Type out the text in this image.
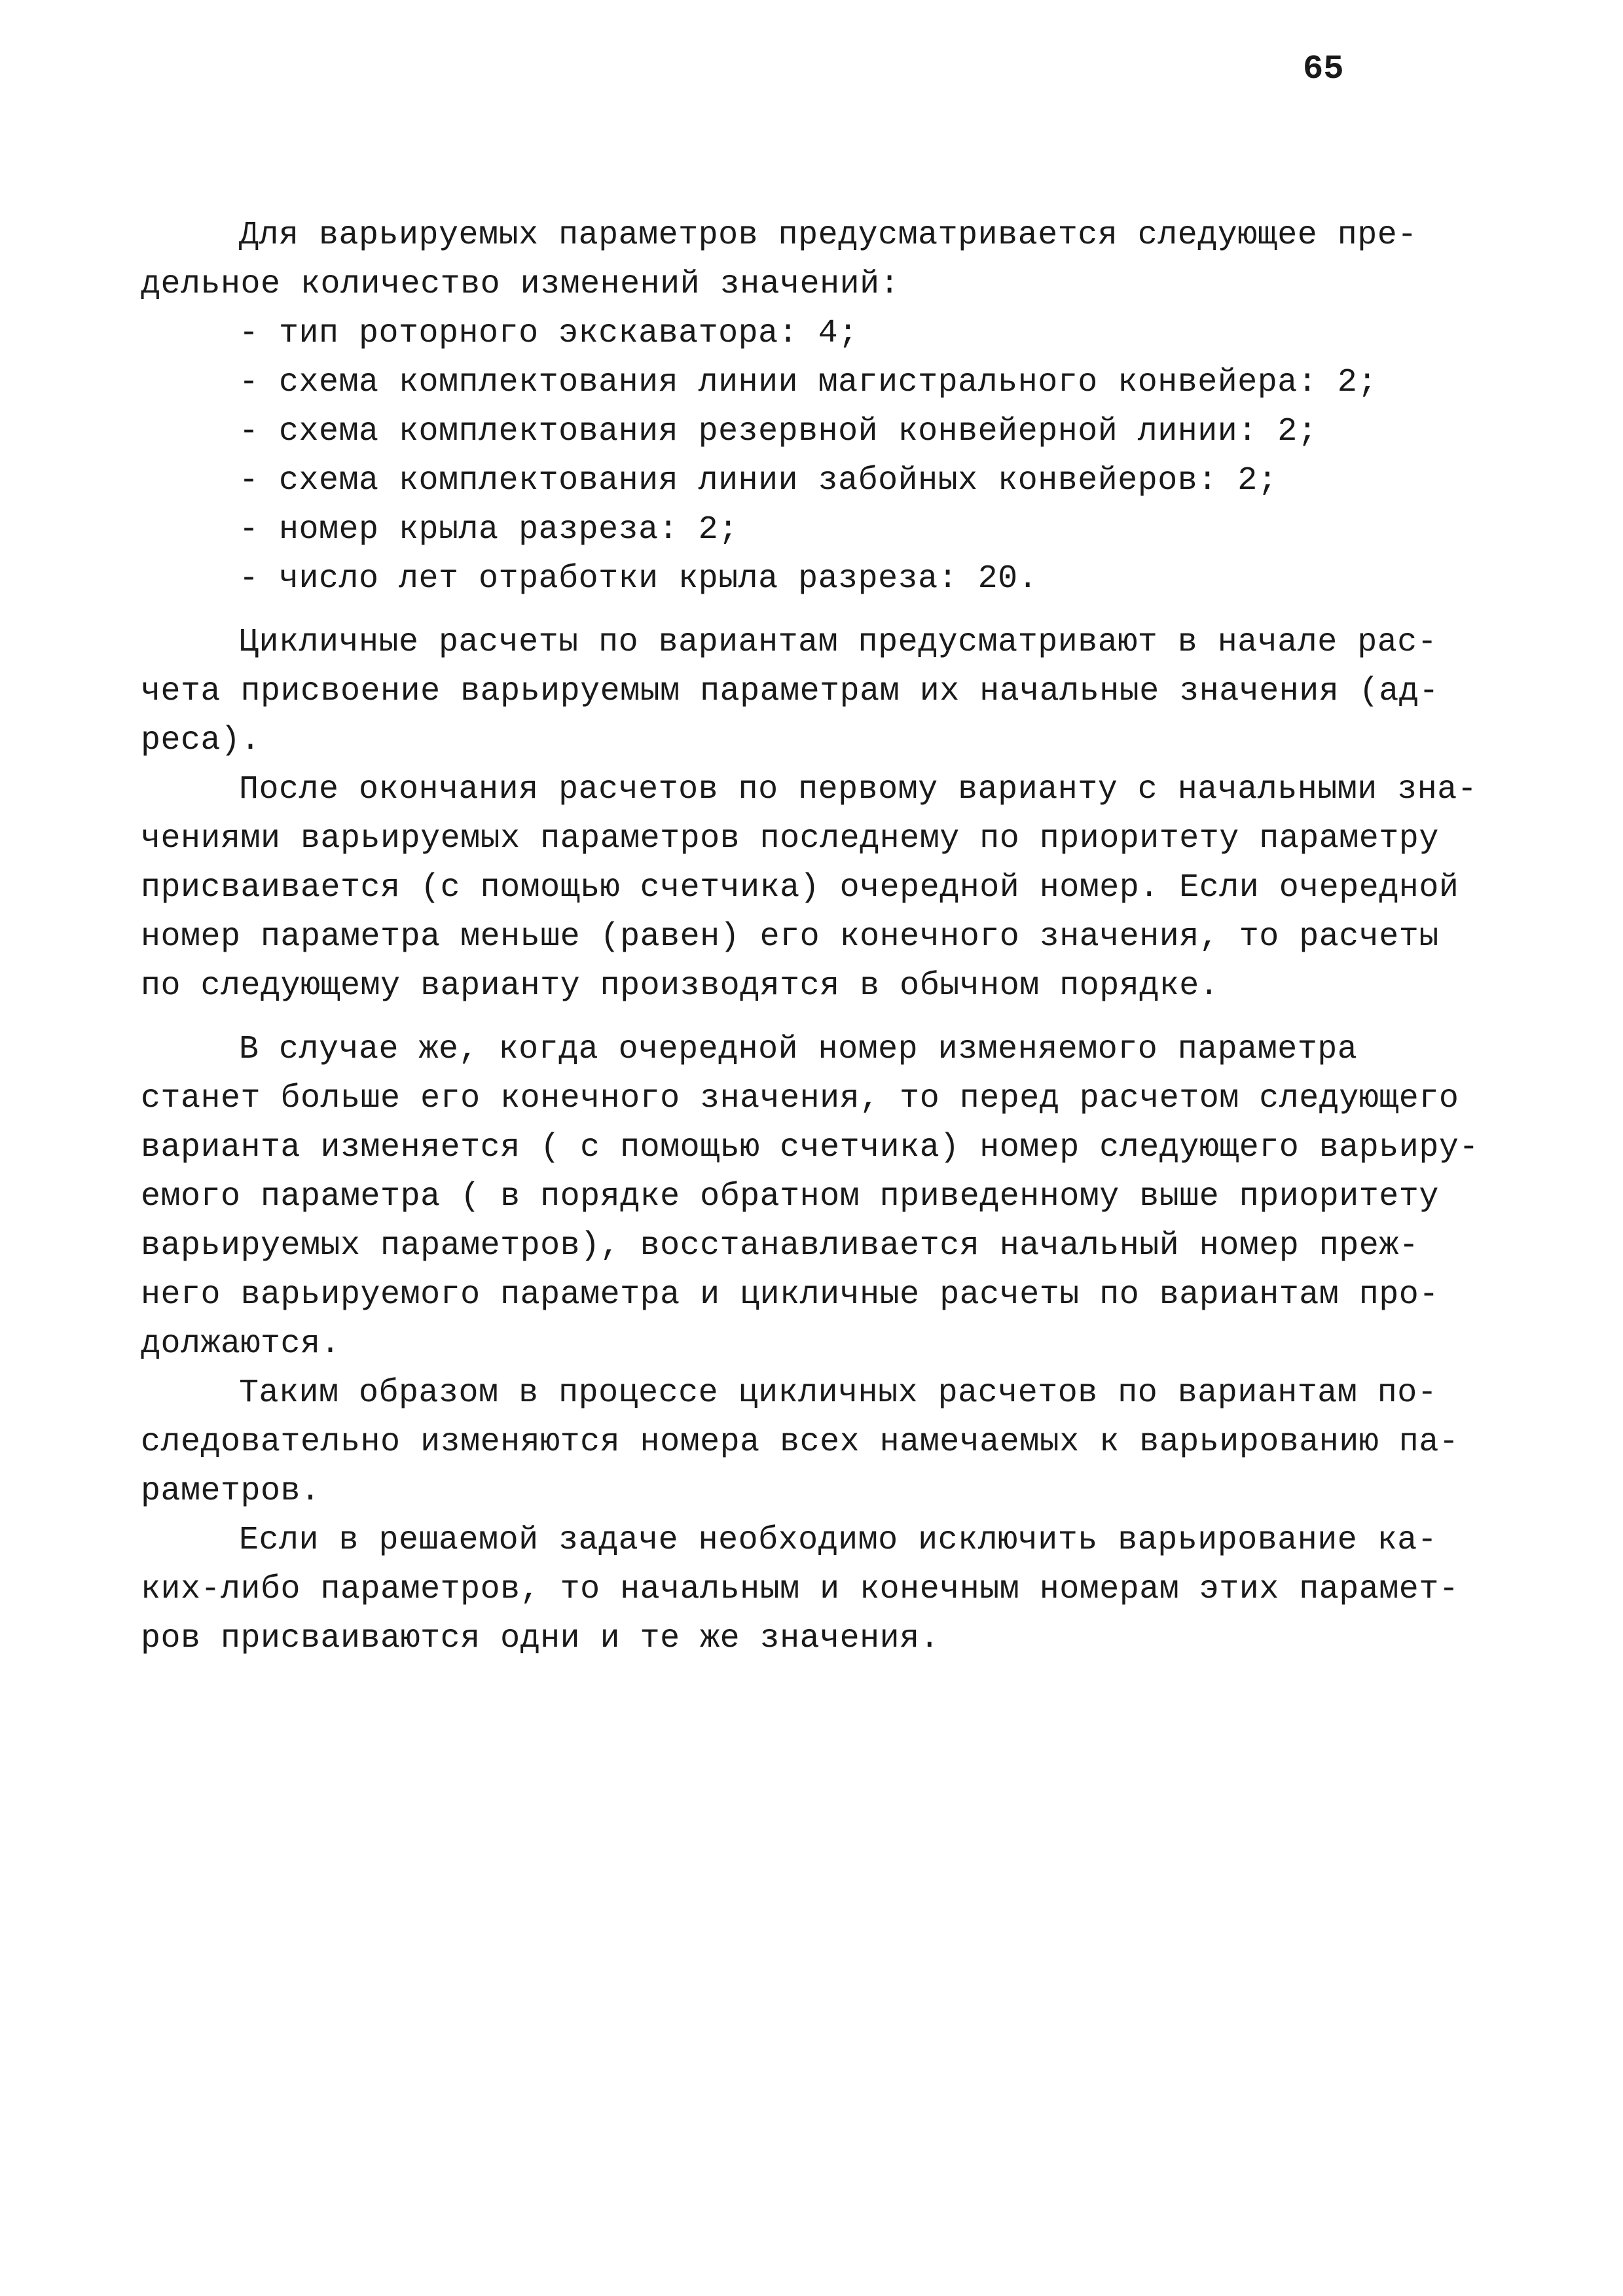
65
Для варьируемых параметров предусматривается следующее пре-
дельное количество изменений значений:
- тип роторного экскаватора: 4;
- схема комплектования линии магистрального конвейера: 2;
- схема комплектования резервной конвейерной линии: 2;
- схема комплектования линии забойных конвейеров: 2;
- номер крыла разреза: 2;
- число лет отработки крыла разреза: 20.
Цикличные расчеты по вариантам предусматривают в начале рас-
чета присвоение варьируемым параметрам их начальные значения (ад-
реса).
После окончания расчетов по первому варианту с начальными зна-
чениями варьируемых параметров последнему по приоритету параметру
присваивается (с помощью счетчика) очередной номер. Если очередной
номер параметра меньше (равен) его конечного значения, то расчеты
по следующему варианту производятся в обычном порядке.
В случае же, когда очередной номер изменяемого параметра
станет больше его конечного значения, то перед расчетом следующего
варианта изменяется ( с помощью счетчика) номер следующего варьиру-
емого параметра ( в порядке обратном приведенному выше приоритету
варьируемых параметров), восстанавливается начальный номер преж-
него варьируемого параметра и цикличные расчеты по вариантам про-
должаются.
Таким образом в процессе цикличных расчетов по вариантам по-
следовательно изменяются номера всех намечаемых к варьированию па-
раметров.
Если в решаемой задаче необходимо исключить варьирование ка-
ких-либо параметров, то начальным и конечным номерам этих парамет-
ров присваиваются одни и те же значения.
